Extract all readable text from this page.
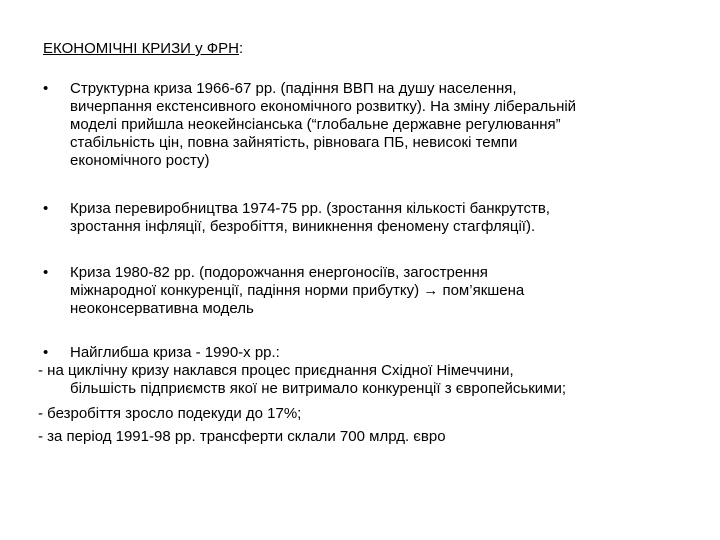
ЕКОНОМІЧНІ КРИЗИ у ФРН:
• Структурна криза 1966-67 рр. (падіння ВВП на душу населення,
вичерпання екстенсивного економічного розвитку). На зміну ліберальній
моделі прийшла неокейнсіанська (“глобальне державне регулювання”
стабільність цін, повна зайнятість, рівновага ПБ, невисокі темпи
економічного росту)
• Криза перевиробництва 1974-75 рр. (зростання кількості банкрутств,
зростання інфляції, безробіття, виникнення феномену стагфляції).
• Криза 1980-82 рр. (подорожчання енергоносіїв, загострення
міжнародної конкуренції, падіння норми прибутку) → пом’якшена
неоконсервативна модель
• Найглибша криза - 1990-х рр.:
- на циклічну кризу наклався процес приєднання Східної Німеччини,
більшість підприємств якої не витримало конкуренції з європейськими;
- безробіття зросло подекуди до 17%;
- за період 1991-98 рр. трансферти склали 700 млрд. євро
